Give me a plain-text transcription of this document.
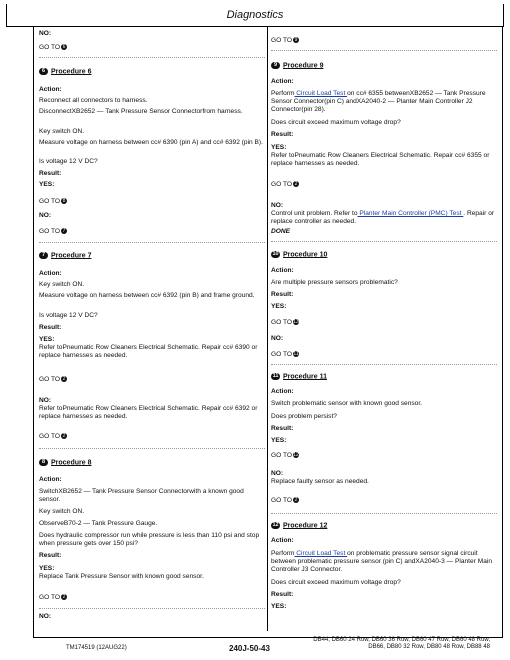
Diagnostics
NO:
GO TO 6
6 Procedure 6
Action:
Reconnect all connectors to harness.
DisconnectXB2652 — Tank Pressure Sensor Connectorfrom harness.
Key switch ON.
Measure voltage on harness between cc# 6390 (pin A) and cc# 6392 (pin B).
Is voltage 12 V DC?
Result:
YES:
GO TO 8
NO:
GO TO 7
7 Procedure 7
Action:
Key switch ON.
Measure voltage on harness between cc# 6392 (pin B) and frame ground.
Is voltage 12 V DC?
Result:
YES:
Refer toPneumatic Row Cleaners Electrical Schematic. Repair cc# 6390 or replace harnesses as needed.
GO TO 2
NO:
Refer toPneumatic Row Cleaners Electrical Schematic. Repair cc# 6392 or replace harnesses as needed.
GO TO 2
8 Procedure 8
Action:
SwitchXB2652 — Tank Pressure Sensor Connectorwith a known good sensor.
Key switch ON.
ObserveB70-2 — Tank Pressure Gauge.
Does hydraulic compressor run while pressure is less than 110 psi and stop when pressure gets over 150 psi?
Result:
YES:
Replace Tank Pressure Sensor with known good sensor.
GO TO 2
NO:
GO TO 9
9 Procedure 9
Action:
Perform Circuit Load Test on cc# 6355 betweenXB2652 — Tank Pressure Sensor Connector(pin C) andXA2040-2 — Planter Main Controller J2 Connector(pin 28).
Does circuit exceed maximum voltage drop?
Result:
YES:
Refer toPneumatic Row Cleaners Electrical Schematic. Repair cc# 6355 or replace harnesses as needed.
GO TO 2
NO:
Control unit problem. Refer to Planter Main Controller (PMC) Test . Repair or replace controller as needed.
DONE
10 Procedure 10
Action:
Are multiple pressure sensors problematic?
Result:
YES:
GO TO13
NO:
GO TO11
11 Procedure 11
Action:
Switch problematic sensor with known good sensor.
Does problem persist?
Result:
YES:
GO TO12
NO:
Replace faulty sensor as needed.
GO TO 2
12 Procedure 12
Action:
Perform Circuit Load Test on problematic pressure sensor signal circuit between problematic pressure sensor (pin C) andXA2040-3 — Planter Main Controller J3 Connector.
Does circuit exceed maximum voltage drop?
Result:
YES:
TM174519 (12AUG22)	240J-50-43
DB44, DB60 24 Row, DB60 36 Row, DB60 47 Row, DB60 48 Row, DB66, DB80 32 Row, DB80 48 Row, DB88 48
